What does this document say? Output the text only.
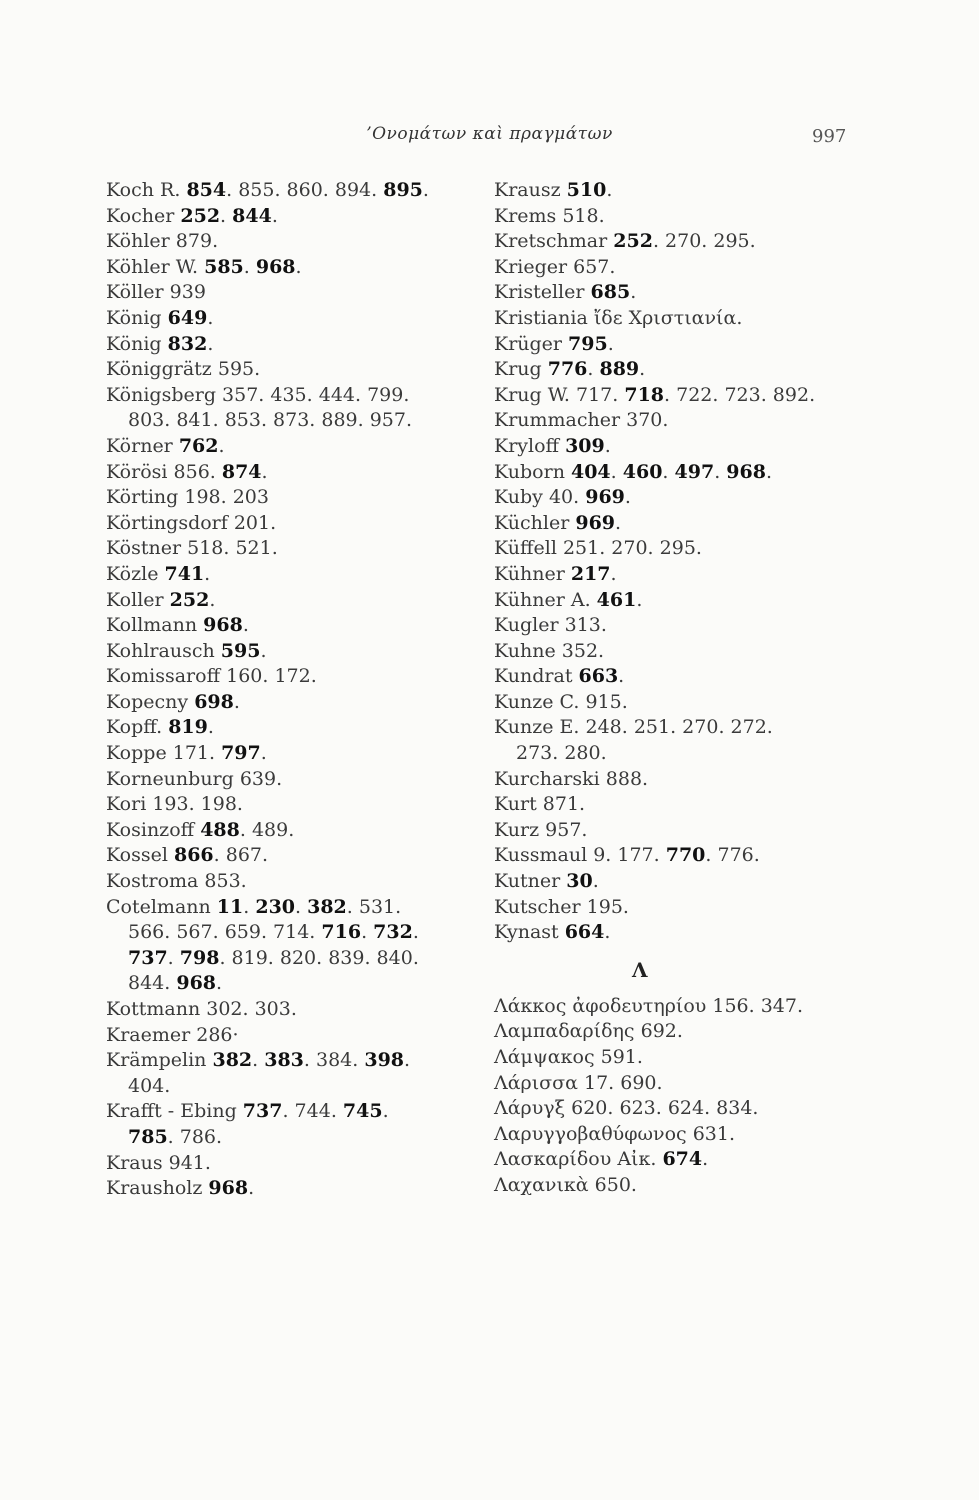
’Ονομάτων καὶ πραγμάτων	997
Koch R. 854. 855. 860. 894. 895.
Kocher 252. 844.
Köhler 879.
Köhler W. 585. 968.
Köller 939
König 649.
König 832.
Königgrätz 595.
Königsberg 357. 435. 444. 799.
803. 841. 853. 873. 889. 957.
Körner 762.
Körösi 856. 874.
Körting 198. 203
Körtingsdorf 201.
Köstner 518. 521.
Közle 741.
Koller 252.
Kollmann 968.
Kohlrausch 595.
Komissaroff 160. 172.
Kopecny 698.
Kopff. 819.
Koppe 171. 797.
Korneunburg 639.
Kori 193. 198.
Kosinzoff 488. 489.
Kossel 866. 867.
Kostroma 853.
Cotelmann 11. 230. 382. 531.
566. 567. 659. 714. 716. 732.
737. 798. 819. 820. 839. 840.
844. 968.
Kottmann 302. 303.
Kraemer 286·
Krämpelin 382. 383. 384. 398.
404.
Krafft - Ebing 737. 744. 745.
785. 786.
Kraus 941.
Krausholz 968.
Krausz 510.
Krems 518.
Kretschmar 252. 270. 295.
Krieger 657.
Kristeller 685.
Kristiania ἴδε Χριστιανία.
Krüger 795.
Krug 776. 889.
Krug W. 717. 718. 722. 723. 892.
Krummacher 370.
Kryloff 309.
Kuborn 404. 460. 497. 968.
Kuby 40. 969.
Küchler 969.
Küffell 251. 270. 295.
Kühner 217.
Kühner A. 461.
Kugler 313.
Kuhne 352.
Kundrat 663.
Kunze C. 915.
Kunze E. 248. 251. 270. 272.
273. 280.
Kurcharski 888.
Kurt 871.
Kurz 957.
Kussmaul 9. 177. 770. 776.
Kutner 30.
Kutscher 195.
Kynast 664.
Λ
Λάκκος ἀφοδευτηρίου 156. 347.
Λαμπαδαρίδης 692.
Λάμψακος 591.
Λάρισσα 17. 690.
Λάρυγξ 620. 623. 624. 834.
Λαρυγγοβαθύφωνος 631.
Λασκαρίδου Αἰκ. 674.
Λαχανικὰ 650.
